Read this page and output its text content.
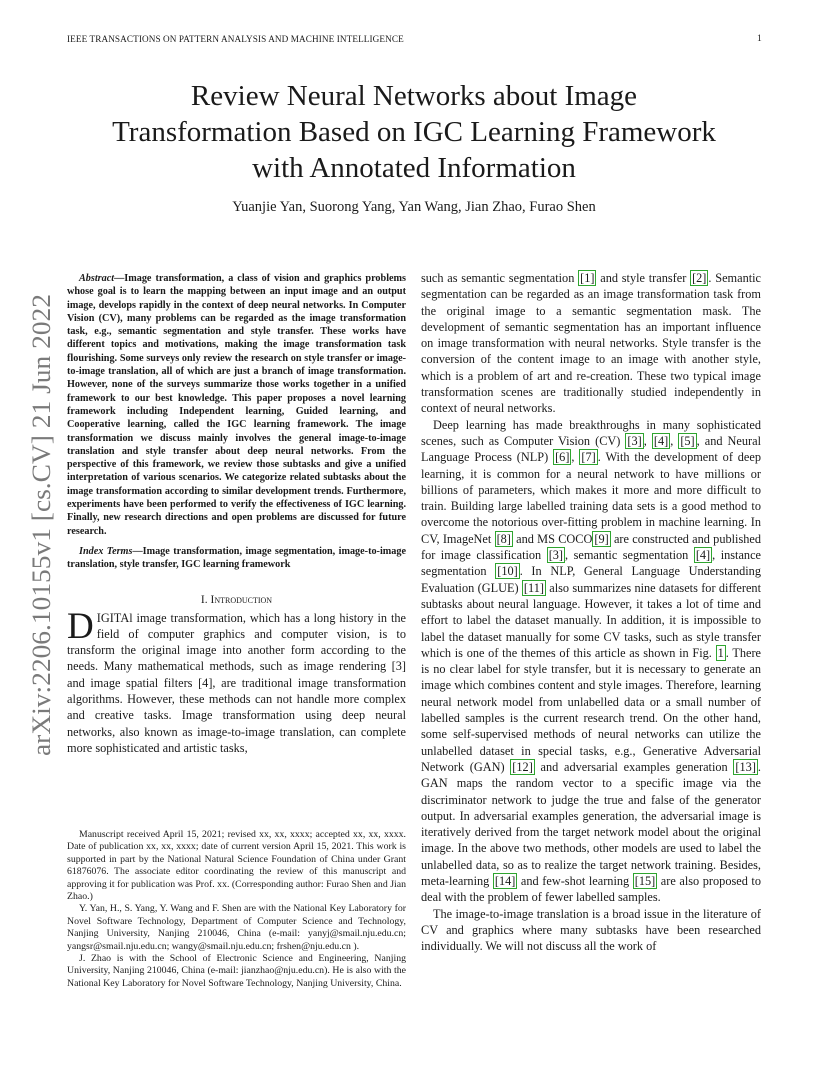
IEEE TRANSACTIONS ON PATTERN ANALYSIS AND MACHINE INTELLIGENCE	1
arXiv:2206.10155v1 [cs.CV] 21 Jun 2022
Review Neural Networks about Image
Transformation Based on IGC Learning Framework
with Annotated Information
Yuanjie Yan, Suorong Yang, Yan Wang, Jian Zhao, Furao Shen

Abstract—Image transformation, a class of vision and graphics problems whose goal is to learn the mapping between an input image and an output image, develops rapidly in the context of deep neural networks. In Computer Vision (CV), many problems can be regarded as the image transformation task, e.g., semantic segmentation and style transfer. These works have different topics and motivations, making the image transformation task flourishing. Some surveys only review the research on style transfer or image-to-image translation, all of which are just a branch of image transformation. However, none of the surveys summarize those works together in a unified framework to our best knowledge. This paper proposes a novel learning framework including Independent learning, Guided learning, and Cooperative learning, called the IGC learning framework. The image transformation we discuss mainly involves the general image-to-image translation and style transfer about deep neural networks. From the perspective of this framework, we review those subtasks and give a unified interpretation of various scenarios. We categorize related subtasks about the image transformation according to similar development trends. Furthermore, experiments have been performed to verify the effectiveness of IGC learning. Finally, new research directions and open problems are discussed for future research.

Index Terms—Image transformation, image segmentation, image-to-image translation, style transfer, IGC learning framework

I. Introduction

D IGITAl image transformation, which has a long history in the field of computer graphics and computer vision, is to transform the original image into another form according to the needs. Many mathematical methods, such as image rendering [3] and image spatial filters [4], are traditional image transformation algorithms. However, these methods can not handle more complex and creative tasks. Image transformation using deep neural networks, also known as image-to-image translation, can complete more sophisticated and artistic tasks,

Manuscript received April 15, 2021; revised xx, xx, xxxx; accepted xx, xx, xxxx. Date of publication xx, xx, xxxx; date of current version April 15, 2021. This work is supported in part by the National Natural Science Foundation of China under Grant 61876076. The associate editor coordinating the review of this manuscript and approving it for publication was Prof. xx. (Corresponding author: Furao Shen and Jian Zhao.)

Y. Yan, H., S. Yang, Y. Wang and F. Shen are with the National Key Laboratory for Novel Software Technology, Department of Computer Science and Technology, Nanjing University, Nanjing 210046, China (e-mail: yanyj@smail.nju.edu.cn; yangsr@smail.nju.edu.cn; wangy@smail.nju.edu.cn; frshen@nju.edu.cn ).

J. Zhao is with the School of Electronic Science and Engineering, Nanjing University, Nanjing 210046, China (e-mail: jianzhao@nju.edu.cn). He is also with the National Key Laboratory for Novel Software Technology, Nanjing University, China.

such as semantic segmentation [1] and style transfer [2] . Semantic segmentation can be regarded as an image transformation task from the original image to a semantic segmentation mask. The development of semantic segmentation has an important influence on image transformation with neural networks. Style transfer is the conversion of the content image to an image with another style, which is a problem of art and re-creation. These two typical image transformation scenes are traditionally studied independently in context of neural networks.

Deep learning has made breakthroughs in many sophisticated scenes, such as Computer Vision (CV) [3] , [4] , [5] , and Neural Language Process (NLP) [6] , [7] . With the development of deep learning, it is common for a neural network to have millions or billions of parameters, which makes it more and more difficult to train. Building large labelled training data sets is a good method to overcome the notorious over-fitting problem in machine learning. In CV, ImageNet [8] and MS COCO [9] are constructed and published for image classification [3] , semantic segmentation [4] , instance segmentation [10] . In NLP, General Language Understanding Evaluation (GLUE) [11] also summarizes nine datasets for different subtasks about neural language. However, it takes a lot of time and effort to label the dataset manually. In addition, it is impossible to label the dataset manually for some CV tasks, such as style transfer which is one of the themes of this article as shown in Fig. 1 . There is no clear label for style transfer, but it is necessary to generate an image which combines content and style images. Therefore, learning neural network model from unlabelled data or a small number of labelled samples is the current research trend. On the other hand, some self-supervised methods of neural networks can utilize the unlabelled dataset in special tasks, e.g., Generative Adversarial Network (GAN) [12] and adversarial examples generation [13] . GAN maps the random vector to a specific image via the discriminator network to judge the true and false of the generator output. In adversarial examples generation, the adversarial image is iteratively derived from the target network model about the original image. In the above two methods, other models are used to label the unlabelled data, so as to realize the target network training. Besides, meta-learning [14] and few-shot learning [15] are also proposed to deal with the problem of fewer labelled samples.

The image-to-image translation is a broad issue in the literature of CV and graphics where many subtasks have been researched individually. We will not discuss all the work of
